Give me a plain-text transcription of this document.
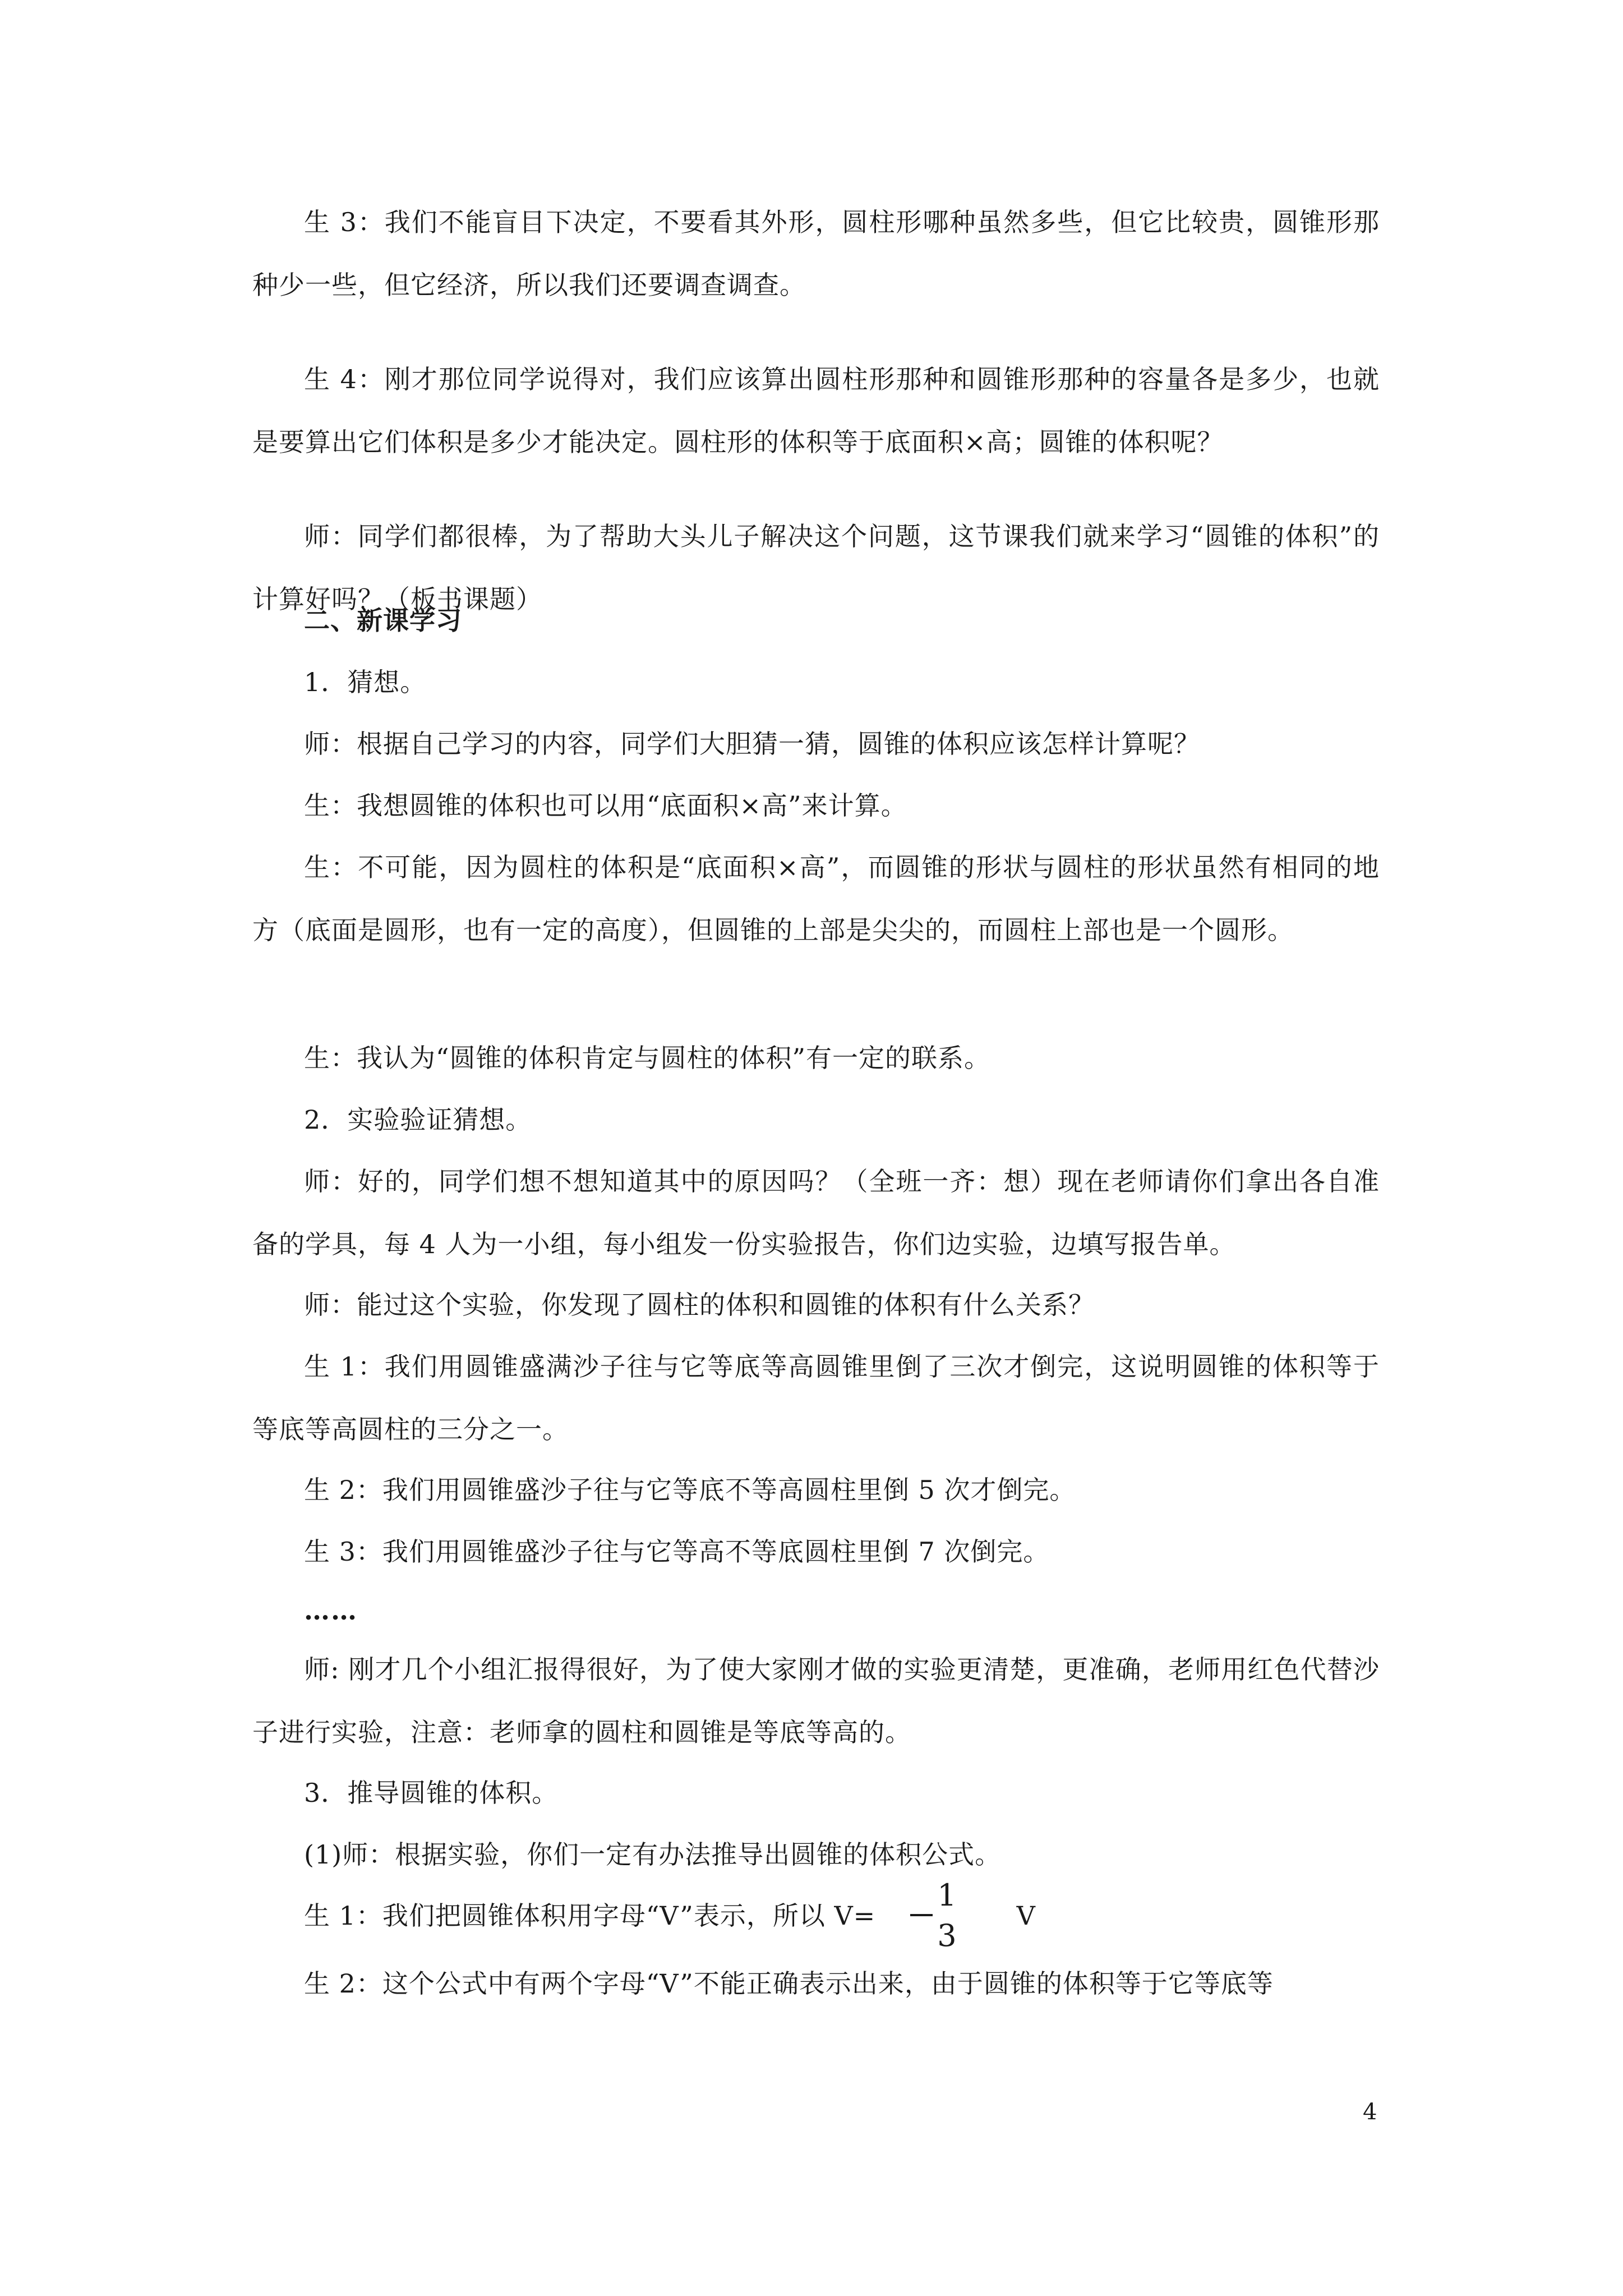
生 3：我们不能盲目下决定，不要看其外形，圆柱形哪种虽然多些，但它比较贵，圆锥形那种少一些，但它经济，所以我们还要调查调查。

生 4：刚才那位同学说得对，我们应该算出圆柱形那种和圆锥形那种的容量各是多少，也就是要算出它们体积是多少才能决定。圆柱形的体积等于底面积×高；圆锥的体积呢？

师：同学们都很棒，为了帮助大头儿子解决这个问题，这节课我们就来学习“圆锥的体积”的计算好吗？（板书课题）

二、新课学习

1．猜想。

师：根据自己学习的内容，同学们大胆猜一猜，圆锥的体积应该怎样计算呢？

生：我想圆锥的体积也可以用“底面积×高”来计算。

生：不可能，因为圆柱的体积是“底面积×高”，而圆锥的形状与圆柱的形状虽然有相同的地方（底面是圆形，也有一定的高度），但圆锥的上部是尖尖的，而圆柱上部也是一个圆形。

生：我认为“圆锥的体积肯定与圆柱的体积”有一定的联系。

2．实验验证猜想。

师：好的，同学们想不想知道其中的原因吗？（全班一齐：想）现在老师请你们拿出各自准备的学具，每 4 人为一小组，每小组发一份实验报告，你们边实验，边填写报告单。

师：能过这个实验，你发现了圆柱的体积和圆锥的体积有什么关系？

生 1：我们用圆锥盛满沙子往与它等底等高圆锥里倒了三次才倒完，这说明圆锥的体积等于等底等高圆柱的三分之一。

生 2：我们用圆锥盛沙子往与它等底不等高圆柱里倒 5 次才倒完。

生 3：我们用圆锥盛沙子往与它等高不等底圆柱里倒 7 次倒完。

……

师: 刚才几个小组汇报得很好，为了使大家刚才做的实验更清楚，更准确，老师用红色代替沙子进行实验，注意：老师拿的圆柱和圆锥是等底等高的。

3．推导圆锥的体积。

(1)师：根据实验，你们一定有办法推导出圆锥的体积公式。

生 1：我们把圆锥体积用字母“V”表示，所以 $V= \frac{1}{3}$	V

生 2：这个公式中有两个字母“V”不能正确表示出来，由于圆锥的体积等于它等底等

4
